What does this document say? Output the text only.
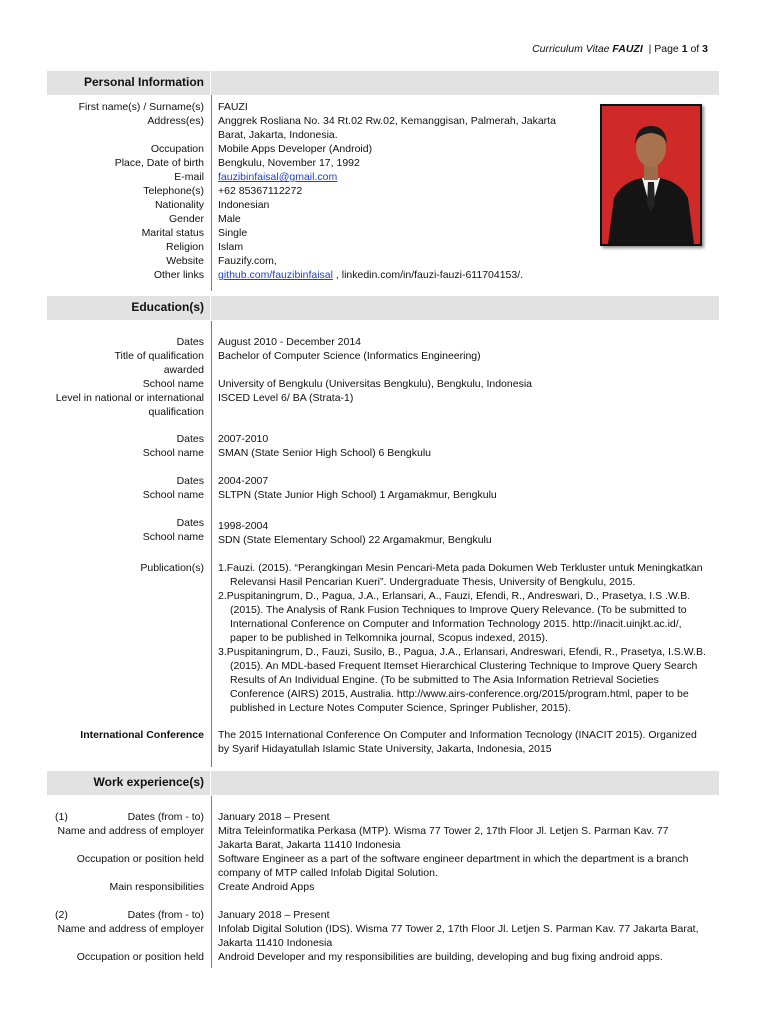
Curriculum Vitae FAUZI | Page 1 of 3
Personal Information
First name(s) / Surname(s) FAUZI
Address(es) Anggrek Rosliana No. 34 Rt.02 Rw.02, Kemanggisan, Palmerah, Jakarta
Barat, Jakarta, Indonesia.
Occupation Mobile Apps Developer (Android)
Place, Date of birth Bengkulu, November 17, 1992
E-mail fauzibinfaisal@gmail.com
Telephone(s) +62 85367112272
Nationality Indonesian
Gender Male
Marital status Single
Religion Islam
Website Fauzify.com,
Other links github.com/fauzibinfaisal , linkedin.com/in/fauzi-fauzi-611704153/.
Education(s)
Dates August 2010 - December 2014
Title of qualification Bachelor of Computer Science (Informatics Engineering)
awarded
School name University of Bengkulu (Universitas Bengkulu), Bengkulu, Indonesia
Level in national or international ISCED Level 6/ BA (Strata-1)
qualification
Dates 2007-2010
School name SMAN (State Senior High School) 6 Bengkulu
Dates 2004-2007
School name SLTPN (State Junior High School) 1 Argamakmur, Bengkulu
Dates 1998-2004
School name SDN (State Elementary School) 22 Argamakmur, Bengkulu
Publication(s) 1.Fauzi. (2015). “Perangkingan Mesin Pencari-Meta pada Dokumen Web Terkluster untuk Meningkatkan
Relevansi Hasil Pencarian Kueri”. Undergraduate Thesis, University of Bengkulu, 2015.
2.Puspitaningrum, D., Pagua, J.A., Erlansari, A., Fauzi, Efendi, R., Andreswari, D., Prasetya, I.S .W.B.
(2015). The Analysis of Rank Fusion Techniques to Improve Query Relevance. (To be submitted to
International Conference on Computer and Information Technology 2015. http://inacit.uinjkt.ac.id/,
paper to be published in Telkomnika journal, Scopus indexed, 2015).
3.Puspitaningrum, D., Fauzi, Susilo, B., Pagua, J.A., Erlansari, Andreswari, Efendi, R., Prasetya, I.S.W.B.
(2015). An MDL-based Frequent Itemset Hierarchical Clustering Technique to Improve Query Search
Results of An Individual Engine. (To be submitted to The Asia Information Retrieval Societies
Conference (AIRS) 2015, Australia. http://www.airs-conference.org/2015/program.html, paper to be
published in Lecture Notes Computer Science, Springer Publisher, 2015).
International Conference The 2015 International Conference On Computer and Information Tecnology (INACIT 2015). Organized
by Syarif Hidayatullah Islamic State University, Jakarta, Indonesia, 2015
Work experience(s)
(1)	Dates (from - to) January 2018 – Present
Name and address of employer Mitra Teleinformatika Perkasa (MTP). Wisma 77 Tower 2, 17th Floor Jl. Letjen S. Parman Kav. 77
Jakarta Barat, Jakarta 11410 Indonesia
Occupation or position held Software Engineer as a part of the software engineer department in which the department is a branch
company of MTP called Infolab Digital Solution.
Main responsibilities Create Android Apps
(2)	Dates (from - to) January 2018 – Present
Name and address of employer Infolab Digital Solution (IDS). Wisma 77 Tower 2, 17th Floor Jl. Letjen S. Parman Kav. 77 Jakarta Barat,
Jakarta 11410 Indonesia
Occupation or position held Android Developer and my responsibilities are building, developing and bug fixing android apps.
